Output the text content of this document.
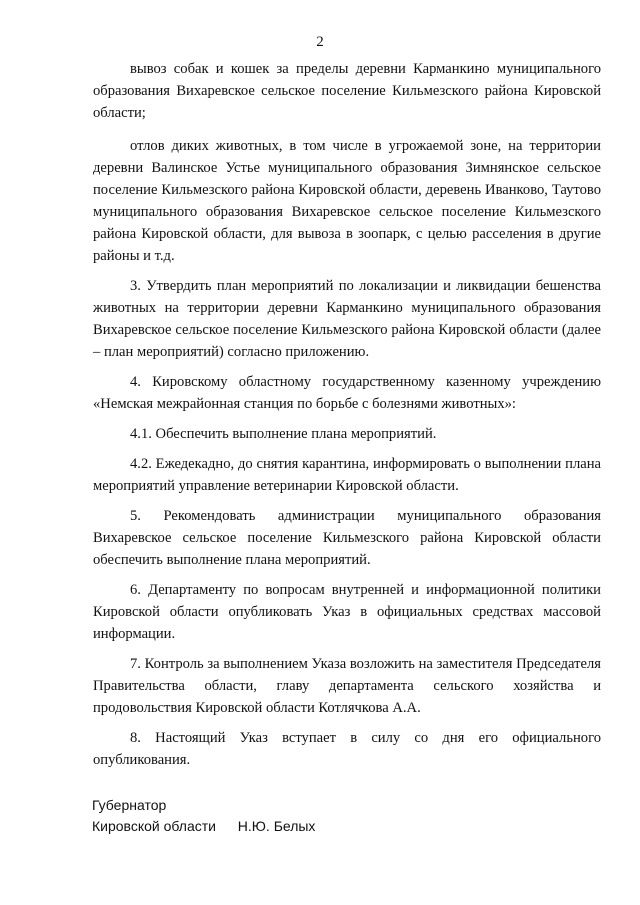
2

вывоз собак и кошек за пределы деревни Карманкино муниципального образования Вихаревское сельское поселение Кильмезского района Кировской области;

отлов диких животных, в том числе в угрожаемой зоне, на территории деревни Валинское Устье муниципального образования Зимнянское сельское поселение Кильмезского района Кировской области, деревень Иванково, Таутово муниципального образования Вихаревское сельское поселение Кильмезского района Кировской области, для вывоза в зоопарк, с целью расселения в другие районы и т.д.

3. Утвердить план мероприятий по локализации и ликвидации бешенства животных на территории деревни Карманкино муниципального образования Вихаревское сельское поселение Кильмезского района Кировской области (далее – план мероприятий) согласно приложению.

4. Кировскому областному государственному казенному учреждению «Немская межрайонная станция по борьбе с болезнями животных»:

4.1. Обеспечить выполнение плана мероприятий.

4.2. Ежедекадно, до снятия карантина, информировать о выполнении плана мероприятий управление ветеринарии Кировской области.

5. Рекомендовать администрации муниципального образования Вихаревское сельское поселение Кильмезского района Кировской области обеспечить выполнение плана мероприятий.

6. Департаменту по вопросам внутренней и информационной политики Кировской области опубликовать Указ в официальных средствах массовой информации.

7. Контроль за выполнением Указа возложить на заместителя Председателя Правительства области, главу департамента сельского хозяйства и продовольствия Кировской области Котлячкова А.А.

8. Настоящий Указ вступает в силу со дня его официального опубликования.

Губернатор
Кировской области Н.Ю. Белых
